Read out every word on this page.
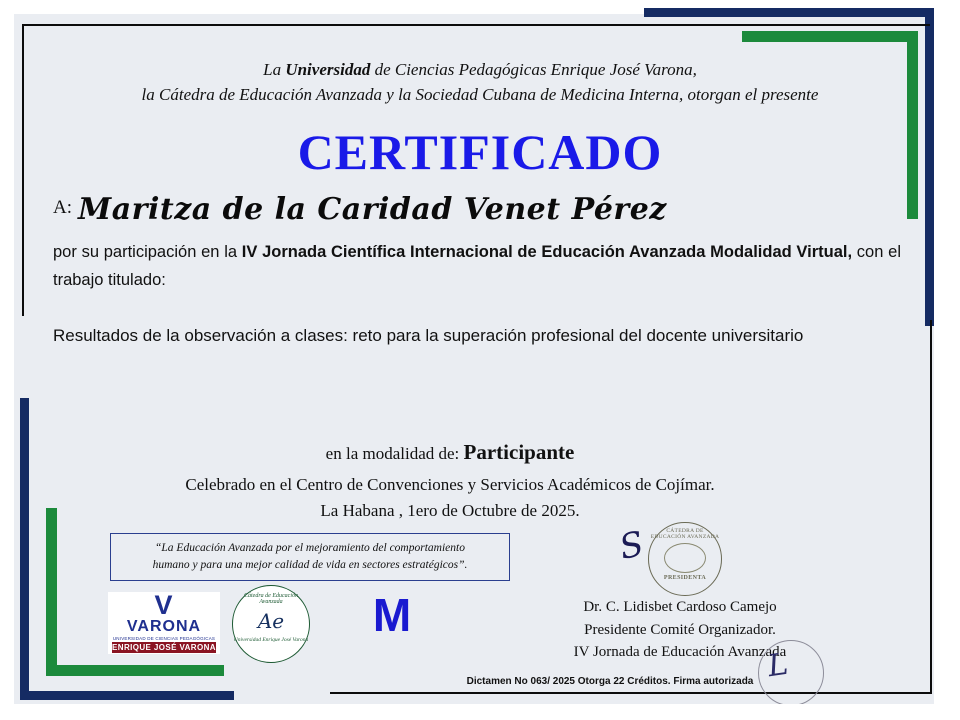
La Universidad de Ciencias Pedagógicas Enrique José Varona,
la Cátedra de Educación Avanzada y la Sociedad Cubana de Medicina Interna, otorgan el presente
CERTIFICADO
A: Maritza de la Caridad Venet Pérez
por su participación en la IV Jornada Científica Internacional de Educación Avanzada Modalidad Virtual, con el trabajo titulado:
Resultados de la observación a clases: reto para la superación profesional del docente universitario
en la modalidad de: Participante
Celebrado en el Centro de Convenciones y Servicios Académicos de Cojímar.
La Habana , 1ero de Octubre de 2025.
“La Educación Avanzada por el mejoramiento del comportamiento
humano y para una mejor calidad de vida en sectores estratégicos”.
V
VARONA
UNIVERSIDAD DE CIENCIAS PEDAGÓGICAS
ENRIQUE JOSÉ VARONA
Cátedra de Educación Avanzada
Ae
Universidad Enrique José Varona	M
CÁTEDRA DE EDUCACIÓN AVANZADA
PRESIDENTA
S
Dr. C. Lidisbet Cardoso Camejo
Presidente Comité Organizador.
IV Jornada de Educación Avanzada
L
Dictamen No 063/ 2025 Otorga 22 Créditos. Firma autorizada
